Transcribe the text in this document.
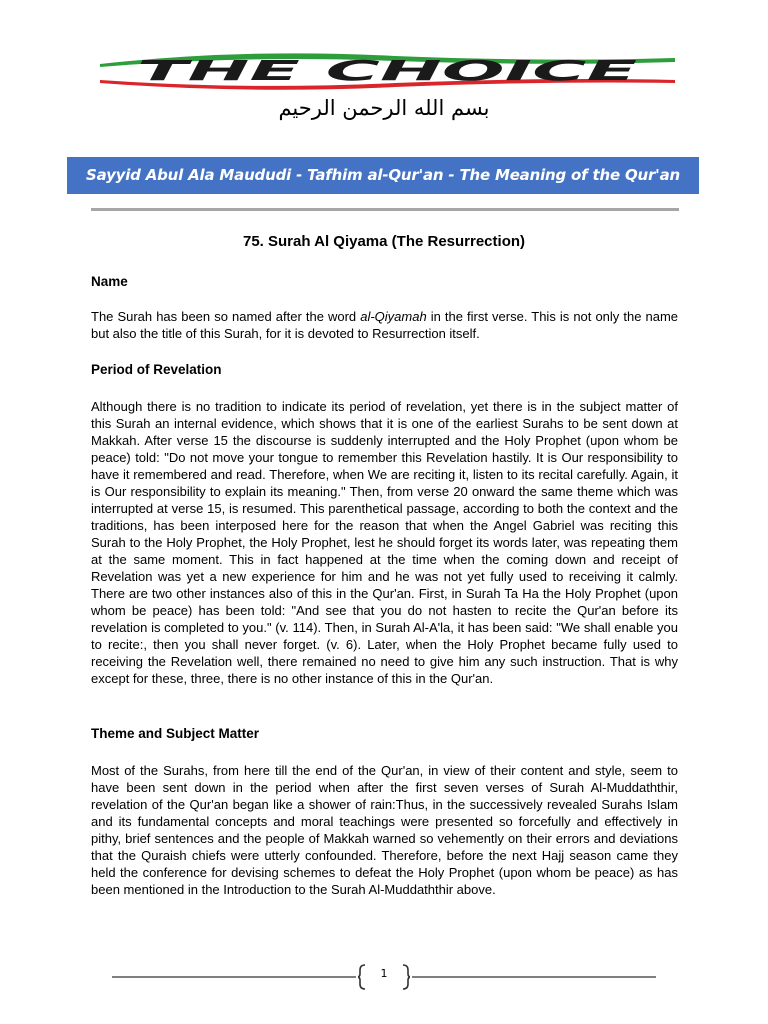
THE CHOICE
بسم الله الرحمن الرحيم
Sayyid Abul Ala Maududi - Tafhim al-Qur'an - The Meaning of the Qur'an
75. Surah Al Qiyama (The Resurrection)
Name
The Surah has been so named after the word al-Qiyamah in the first verse. This is not only the name but also the title of this Surah, for it is devoted to Resurrection itself.
Period of Revelation
Although there is no tradition to indicate its period of revelation, yet there is in the subject matter of this Surah an internal evidence, which shows that it is one of the earliest Surahs to be sent down at Makkah. After verse 15 the discourse is suddenly interrupted and the Holy Prophet (upon whom be peace) told: "Do not move your tongue to remember this Revelation hastily. It is Our responsibility to have it remembered and read. Therefore, when We are reciting it, listen to its recital carefully. Again, it is Our responsibility to explain its meaning." Then, from verse 20 onward the same theme which was interrupted at verse 15, is resumed. This parenthetical passage, according to both the context and the traditions, has been interposed here for the reason that when the Angel Gabriel was reciting this Surah to the Holy Prophet, the Holy Prophet, lest he should forget its words later, was repeating them at the same moment. This in fact happened at the time when the coming down and receipt of Revelation was yet a new experience for him and he was not yet fully used to receiving it calmly. There are two other instances also of this in the Qur'an. First, in Surah Ta Ha the Holy Prophet (upon whom be peace) has been told: "And see that you do not hasten to recite the Qur'an before its revelation is completed to you." (v. 114). Then, in Surah Al-A'la, it has been said: "We shall enable you to recite:, then you shall never forget. (v. 6). Later, when the Holy Prophet became fully used to receiving the Revelation well, there remained no need to give him any such instruction. That is why except for these, three, there is no other instance of this in the Qur'an.
Theme and Subject Matter
Most of the Surahs, from here till the end of the Qur'an, in view of their content and style, seem to have been sent down in the period when after the first seven verses of Surah Al-Muddaththir, revelation of the Qur'an began like a shower of rain:Thus, in the successively revealed Surahs Islam and its fundamental concepts and moral teachings were presented so forcefully and effectively in pithy, brief sentences and the people of Makkah warned so vehemently on their errors and deviations that the Quraish chiefs were utterly confounded. Therefore, before the next Hajj season came they held the conference for devising schemes to defeat the Holy Prophet (upon whom be peace) as has been mentioned in the Introduction to the Surah Al-Muddaththir above.
1
